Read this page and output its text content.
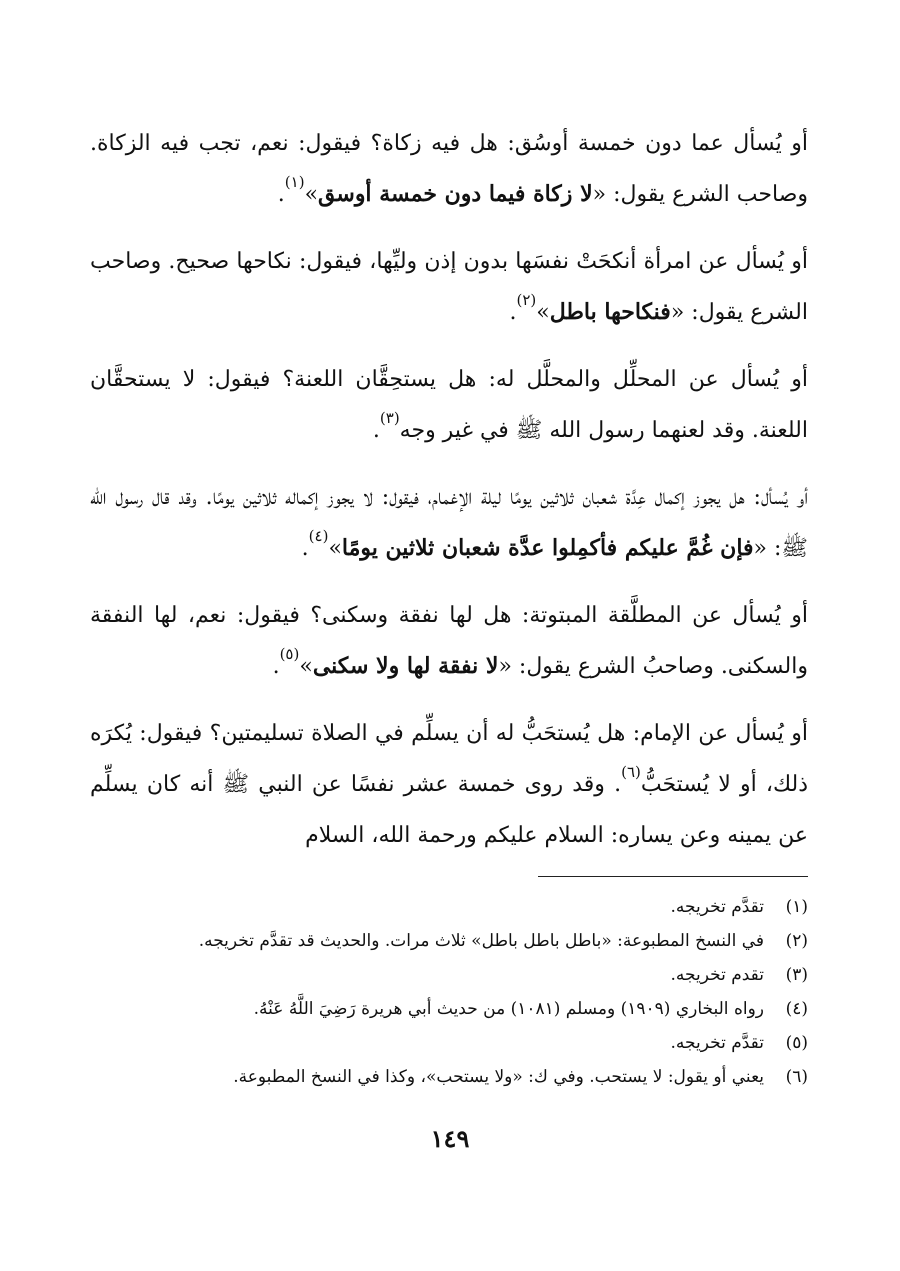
أو يُسأل عما دون خمسة أوسُق: هل فيه زكاة؟ فيقول: نعم، تجب فيه الزكاة. وصاحب الشرع يقول: «لا زكاة فيما دون خمسة أوسق»$^{(١)}$.

أو يُسأل عن امرأة أنكحَتْ نفسَها بدون إذن وليِّها، فيقول: نكاحها صحيح. وصاحب الشرع يقول: «فنكاحها باطل»$^{(٢)}$.

أو يُسأل عن المحلِّل والمحلَّل له: هل يستحِقَّان اللعنة؟ فيقول: لا يستحقَّان اللعنة. وقد لعنهما رسول الله ﷺ في غير وجه$^{(٣)}$.

أو يُسأل: هل يجوز إكمال عِدَّة شعبان ثلاثين يومًا ليلة الإغمام، فيقول: لا يجوز إكماله ثلاثين يومًا. وقد قال رسول الله ﷺ: «فإن غُمَّ عليكم فأكمِلوا عدَّة شعبان ثلاثين يومًا»$^{(٤)}$.

أو يُسأل عن المطلَّقة المبتوتة: هل لها نفقة وسكنى؟ فيقول: نعم، لها النفقة والسكنى. وصاحبُ الشرع يقول: «لا نفقة لها ولا سكنى»$^{(٥)}$.

أو يُسأل عن الإمام: هل يُستحَبُّ له أن يسلِّم في الصلاة تسليمتين؟ فيقول: يُكرَه ذلك، أو لا يُستحَبُّ$^{(٦)}$. وقد روى خمسة عشر نفسًا عن النبي ﷺ أنه كان يسلِّم عن يمينه وعن يساره: السلام عليكم ورحمة الله، السلام

(١)
تقدَّم تخريجه.
(٢)
في النسخ المطبوعة: «باطل باطل باطل» ثلاث مرات. والحديث قد تقدَّم تخريجه.
(٣)
تقدم تخريجه.
(٤)
رواه البخاري (١٩٠٩) ومسلم (١٠٨١) من حديث أبي هريرة رَضِيَ اللَّهُ عَنْهُ.
(٥)
تقدَّم تخريجه.
(٦)
يعني أو يقول: لا يستحب. وفي ك: «ولا يستحب»، وكذا في النسخ المطبوعة.
١٤٩
